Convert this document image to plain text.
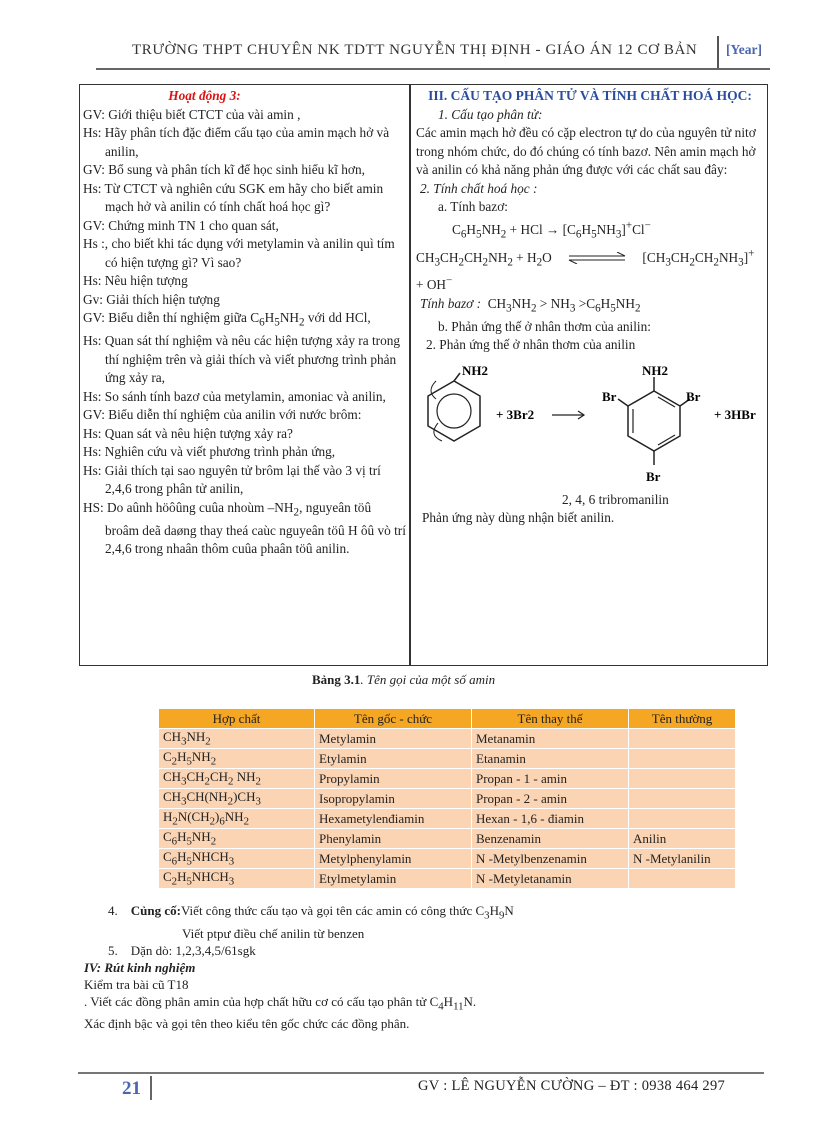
TRƯỜNG THPT CHUYÊN NK TDTT NGUYỄN THỊ ĐỊNH - GIÁO ÁN 12 CƠ BẢN [Year]

Hoạt động 3:

GV: Giới thiệu biết CTCT của vài amin ,

Hs: Hãy phân tích đặc điểm cấu tạo của amin mạch hở và anilin,

GV: Bổ sung và phân tích kĩ để học sinh hiểu kĩ hơn,

Hs: Từ CTCT và nghiên cứu SGK em hãy cho biết amin mạch hở và anilin có tính chất hoá học gì?

GV: Chứng minh TN 1 cho quan sát,

Hs :, cho biết khi tác dụng với metylamin và anilin quì tím có hiện tượng gì? Vì sao?

Hs: Nêu hiện tượng

Gv: Giải thích hiện tượng

GV: Biểu diễn thí nghiệm giữa $C_6H_5NH_2$ với dd HCl,

Hs: Quan sát thí nghiệm và nêu các hiện tượng xảy ra trong thí nghiệm trên và giải thích và viết phương trình phản ứng xảy ra,

Hs: So sánh tính bazơ của metylamin, amoniac và anilin,

GV: Biểu diễn thí nghiệm của anilin với nước brôm:

Hs: Quan sát và nêu hiện tượng xảy ra?

Hs: Nghiên cứu và viết phương trình phản ứng,

Hs: Giải thích tại sao nguyên tử brôm lại thế vào 3 vị trí 2,4,6 trong phân tử anilin,

HS: Do aûnh höôûng cuûa nhoùm $-NH_2$, nguyeân töû broâm deã daøng thay theá caùc nguyeân töû H ôû vò trí 2,4,6 trong nhaân thôm cuûa phaân töû anilin.

III. CẤU TẠO PHÂN TỬ VÀ TÍNH CHẤT HOÁ HỌC:

1. Cấu tạo phân tử:

Các amin mạch hở đều có cặp electron tự do của nguyên tử nitơ trong nhóm chức, do đó chúng có tính bazơ. Nên amin mạch hở và anilin có khả năng phản ứng được với các chất sau đây:

2. Tính chất hoá học :

a. Tính bazơ:

$C_6H_5NH_2$ + HCl → $[C_6H_5NH_3]^+Cl^-$

$CH_3CH_2CH_2NH_2 + H_2O$	$[CH_3CH_2CH_2NH_3]^+$

+ OH−

Tính bazơ : $CH_3NH_2 > NH_3 >C_6H_5NH_2$

b. Phản ứng thế ở nhân thơm của anilin:

2. Phản ứng thế ở nhân thơm của anilin

NH2
+ 3Br2
NH2
Br	Br
Br
+ 3HBr

2, 4, 6 tribromanilin

Phản ứng này dùng nhận biết anilin.

Bảng 3.1. Tên gọi của một số amin
Hợp chất	Tên gốc - chức	Tên thay thế	Tên thường
$CH_3NH_2$	Metylamin	Metanamin	
$C_2H_5NH_2$	Etylamin	Etanamin	
$CH_3CH_2CH_2$ $NH_2$	Propylamin	Propan - 1 - amin	
$CH_3CH(NH_2)CH_3$	Isopropylamin	Propan - 2 - amin	
$H_2N(CH_2)_6NH_2$	Hexametylenđiamin	Hexan - 1,6 - điamin	
$C_6H_5NH_2$	Phenylamin	Benzenamin	Anilin
$C_6H_5NHCH_3$	Metylphenylamin	N -Metylbenzenamin	N -Metylanilin
$C_2H_5NHCH_3$	Etylmetylamin	N -Metyletanamin	

4. Củng cố:Viết công thức cấu tạo và gọi tên các amin có công thức $C_3H_9N$

Viết ptpư điều chế anilin từ benzen

5. Dặn dò: 1,2,3,4,5/61sgk

IV: Rút kinh nghiệm

Kiểm tra bài cũ T18

. Viết các đồng phân amin của hợp chất hữu cơ có cấu tạo phân tử $C_4H_{11}N$.

Xác định bậc và gọi tên theo kiểu tên gốc chức các đồng phân.

21	GV : LÊ NGUYỄN CƯỜNG – ĐT : 0938 464 297
